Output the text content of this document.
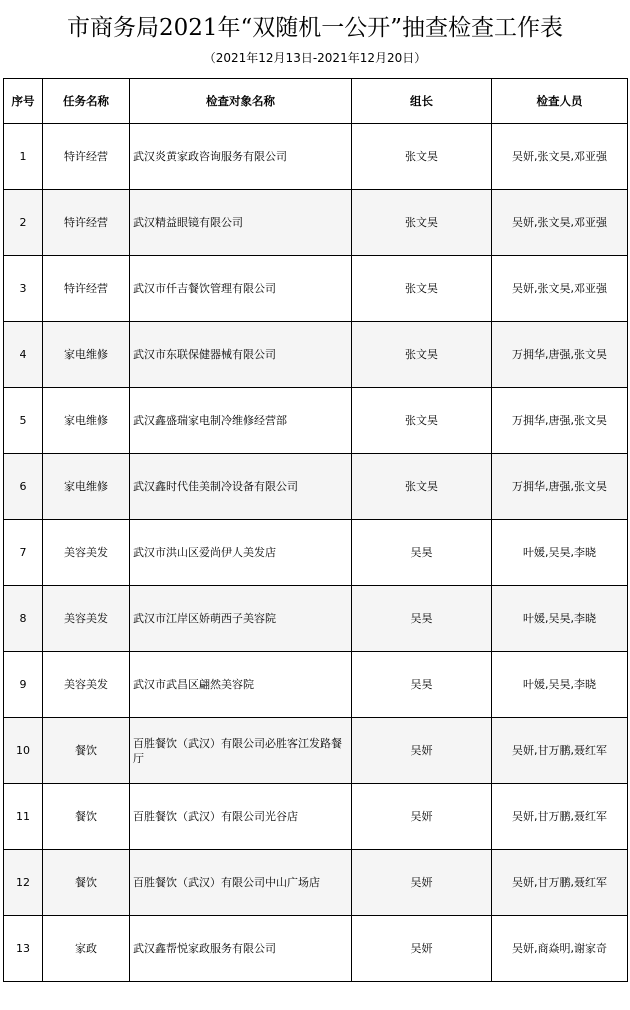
市商务局2021年“双随机一公开”抽查检查工作表
（2021年12月13日-2021年12月20日）
序号	任务名称	检查对象名称	组长	检查人员
1	特许经营	武汉炎黄家政咨询服务有限公司	张文昊	吴妍,张文昊,邓亚强
2	特许经营	武汉精益眼镜有限公司	张文昊	吴妍,张文昊,邓亚强
3	特许经营	武汉市仟吉餐饮管理有限公司	张文昊	吴妍,张文昊,邓亚强
4	家电维修	武汉市东联保健器械有限公司	张文昊	万拥华,唐强,张文昊
5	家电维修	武汉鑫盛瑞家电制冷维修经营部	张文昊	万拥华,唐强,张文昊
6	家电维修	武汉鑫时代佳美制冷设备有限公司	张文昊	万拥华,唐强,张文昊
7	美容美发	武汉市洪山区爱尚伊人美发店	吴昊	叶媛,吴昊,李晓
8	美容美发	武汉市江岸区娇萌西子美容院	吴昊	叶媛,吴昊,李晓
9	美容美发	武汉市武昌区翩然美容院	吴昊	叶媛,吴昊,李晓
10	餐饮	百胜餐饮（武汉）有限公司必胜客江发路餐厅	吴妍	吴妍,甘万鹏,聂红军
11	餐饮	百胜餐饮（武汉）有限公司光谷店	吴妍	吴妍,甘万鹏,聂红军
12	餐饮	百胜餐饮（武汉）有限公司中山广场店	吴妍	吴妍,甘万鹏,聂红军
13	家政	武汉鑫帮悦家政服务有限公司	吴妍	吴妍,商焱明,谢家奇
